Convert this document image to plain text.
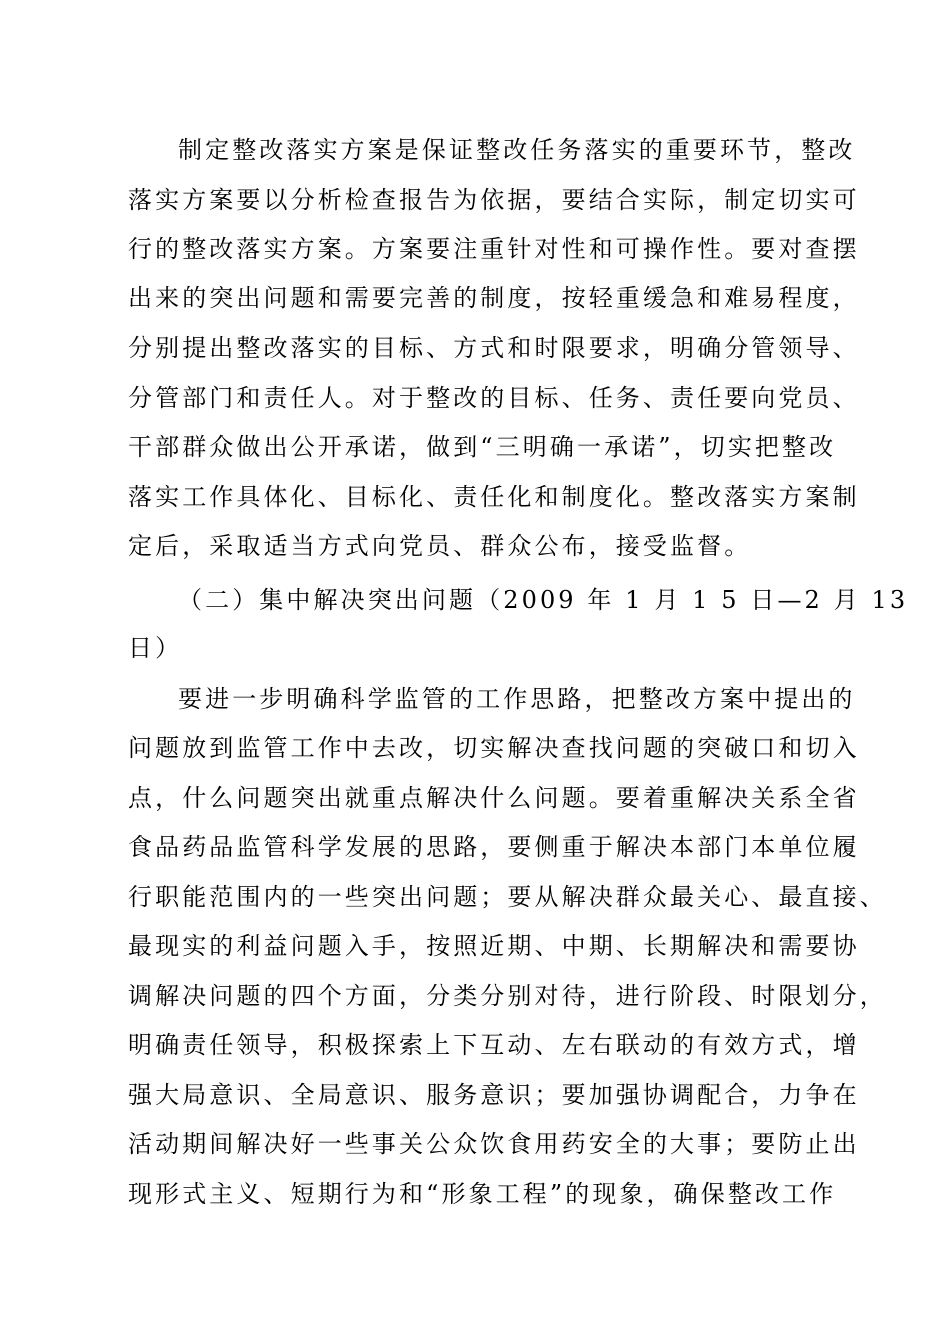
制定整改落实方案是保证整改任务落实的重要环节，整改
落实方案要以分析检查报告为依据，要结合实际，制定切实可
行的整改落实方案。方案要注重针对性和可操作性。要对查摆
出来的突出问题和需要完善的制度，按轻重缓急和难易程度，
分别提出整改落实的目标、方式和时限要求，明确分管领导、
分管部门和责任人。对于整改的目标、任务、责任要向党员、
干部群众做出公开承诺，做到“三明确一承诺”，切实把整改
落实工作具体化、目标化、责任化和制度化。整改落实方案制
定后，采取适当方式向党员、群众公布，接受监督。
（二）集中解决突出问题（2009 年 1 月 1 5 日—2 月 13
日）
要进一步明确科学监管的工作思路，把整改方案中提出的
问题放到监管工作中去改，切实解决查找问题的突破口和切入
点，什么问题突出就重点解决什么问题。要着重解决关系全省
食品药品监管科学发展的思路，要侧重于解决本部门本单位履
行职能范围内的一些突出问题；要从解决群众最关心、最直接、
最现实的利益问题入手，按照近期、中期、长期解决和需要协
调解决问题的四个方面，分类分别对待，进行阶段、时限划分，
明确责任领导，积极探索上下互动、左右联动的有效方式，增
强大局意识、全局意识、服务意识；要加强协调配合，力争在
活动期间解决好一些事关公众饮食用药安全的大事；要防止出
现形式主义、短期行为和“形象工程”的现象，确保整改工作
